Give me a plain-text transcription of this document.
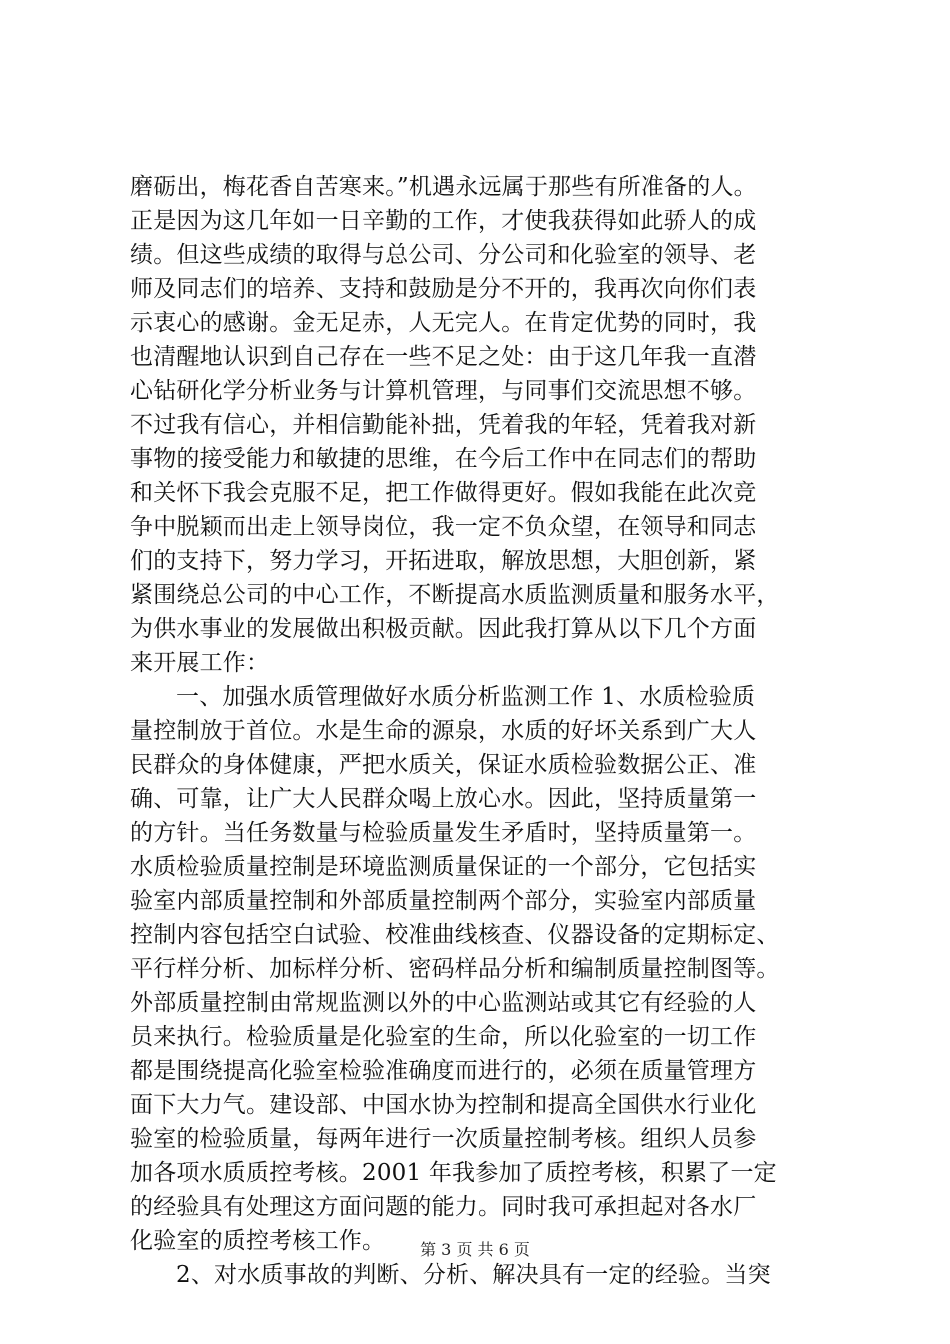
磨砺出，梅花香自苦寒来。”机遇永远属于那些有所准备的人。
正是因为这几年如一日辛勤的工作，才使我获得如此骄人的成
绩。但这些成绩的取得与总公司、分公司和化验室的领导、老
师及同志们的培养、支持和鼓励是分不开的，我再次向你们表
示衷心的感谢。金无足赤，人无完人。在肯定优势的同时，我
也清醒地认识到自己存在一些不足之处：由于这几年我一直潜
心钻研化学分析业务与计算机管理，与同事们交流思想不够。
不过我有信心，并相信勤能补拙，凭着我的年轻，凭着我对新
事物的接受能力和敏捷的思维，在今后工作中在同志们的帮助
和关怀下我会克服不足，把工作做得更好。假如我能在此次竞
争中脱颖而出走上领导岗位，我一定不负众望，在领导和同志
们的支持下，努力学习，开拓进取，解放思想，大胆创新，紧
紧围绕总公司的中心工作，不断提高水质监测质量和服务水平，
为供水事业的发展做出积极贡献。因此我打算从以下几个方面
来开展工作：
一、加强水质管理做好水质分析监测工作 1、水质检验质
量控制放于首位。水是生命的源泉，水质的好坏关系到广大人
民群众的身体健康，严把水质关，保证水质检验数据公正、准
确、可靠，让广大人民群众喝上放心水。因此，坚持质量第一
的方针。当任务数量与检验质量发生矛盾时，坚持质量第一。
水质检验质量控制是环境监测质量保证的一个部分，它包括实
验室内部质量控制和外部质量控制两个部分，实验室内部质量
控制内容包括空白试验、校准曲线核查、仪器设备的定期标定、
平行样分析、加标样分析、密码样品分析和编制质量控制图等。
外部质量控制由常规监测以外的中心监测站或其它有经验的人
员来执行。检验质量是化验室的生命，所以化验室的一切工作
都是围绕提高化验室检验准确度而进行的，必须在质量管理方
面下大力气。建设部、中国水协为控制和提高全国供水行业化
验室的检验质量，每两年进行一次质量控制考核。组织人员参
加各项水质质控考核。2001 年我参加了质控考核，积累了一定
的经验具有处理这方面问题的能力。同时我可承担起对各水厂
化验室的质控考核工作。
2、对水质事故的判断、分析、解决具有一定的经验。当突
第 3 页 共 6 页
